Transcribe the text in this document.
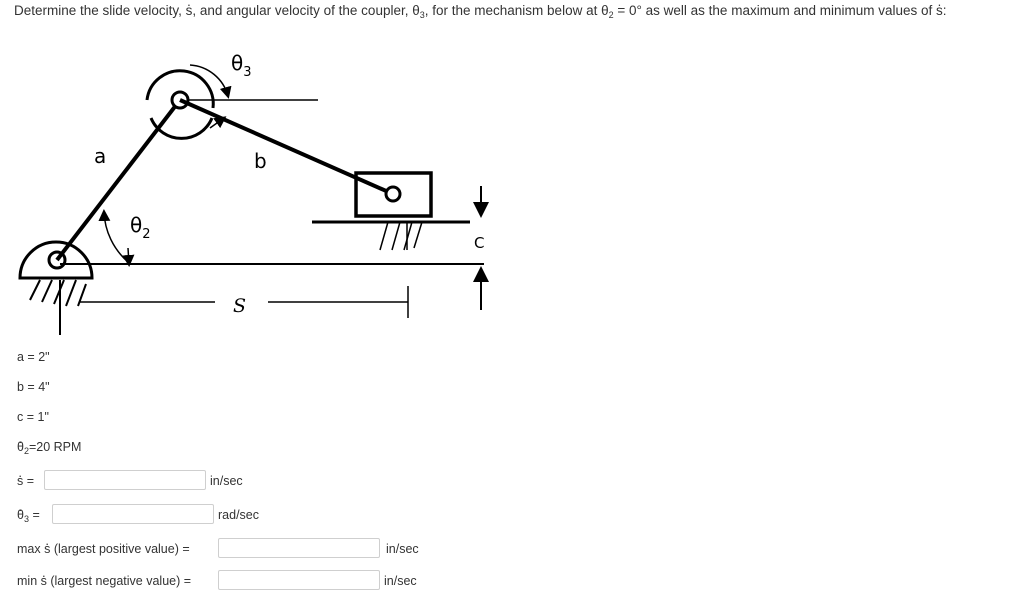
Determine the slide velocity, s ., and angular velocity of the coupler, $\theta_3$, for the mechanism below at $\theta_2 = 0^\circ$ as well as the maximum and minimum values of s .:
a	b
C
S
$\theta_2$
$\theta_3$
a = 2"
b = 4"
c = 1"
θ $._2=20$ RPM
s . =	in/sec
θ $._3$ =	rad/sec
max s . (largest positive value) =	in/sec
min s . (largest negative value) =	in/sec
